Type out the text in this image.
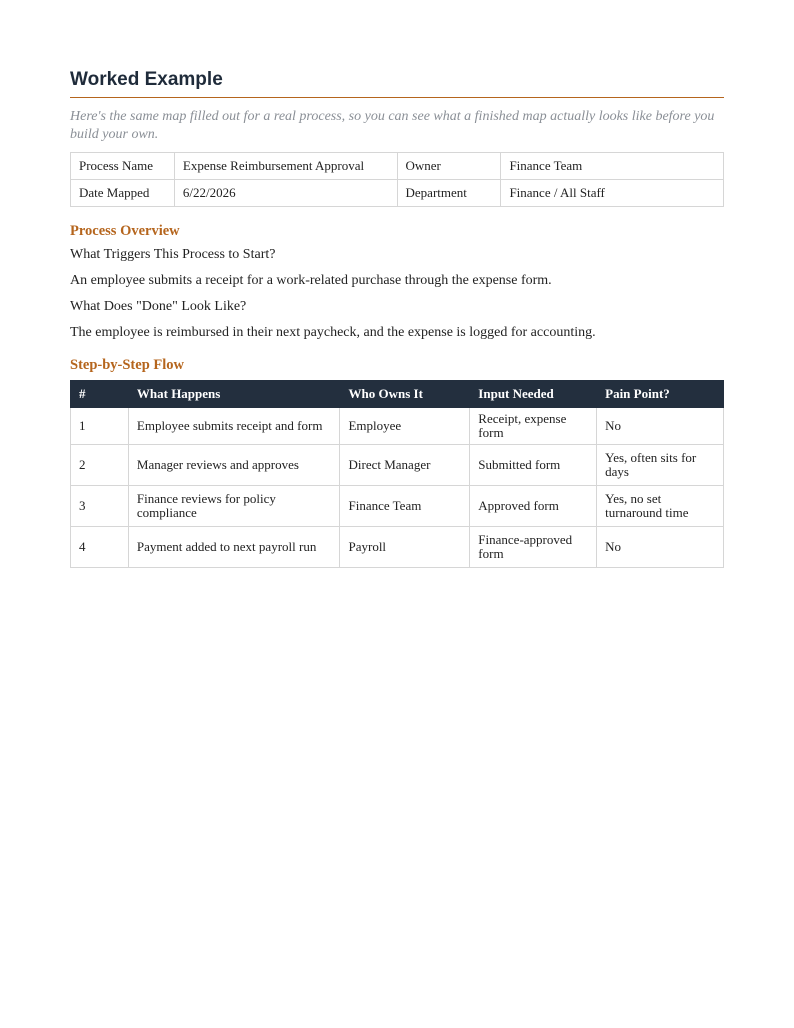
Worked Example
Here's the same map filled out for a real process, so you can see what a finished map actually looks like before you build your own.
Process Name	Expense Reimbursement Approval	Owner	Finance Team
Date Mapped	6/22/2026	Department	Finance / All Staff
Process Overview

What Triggers This Process to Start?

An employee submits a receipt for a work-related purchase through the expense form.

What Does "Done" Look Like?

The employee is reimbursed in their next paycheck, and the expense is logged for accounting.

Step-by-Step Flow
#	What Happens	Who Owns It	Input Needed	Pain Point?
1	Employee submits receipt and form	Employee	Receipt, expense form	No
2	Manager reviews and approves	Direct Manager	Submitted form	Yes, often sits for days
3	Finance reviews for policy compliance	Finance Team	Approved form	Yes, no set turnaround time
4	Payment added to next payroll run	Payroll	Finance-approved form	No
